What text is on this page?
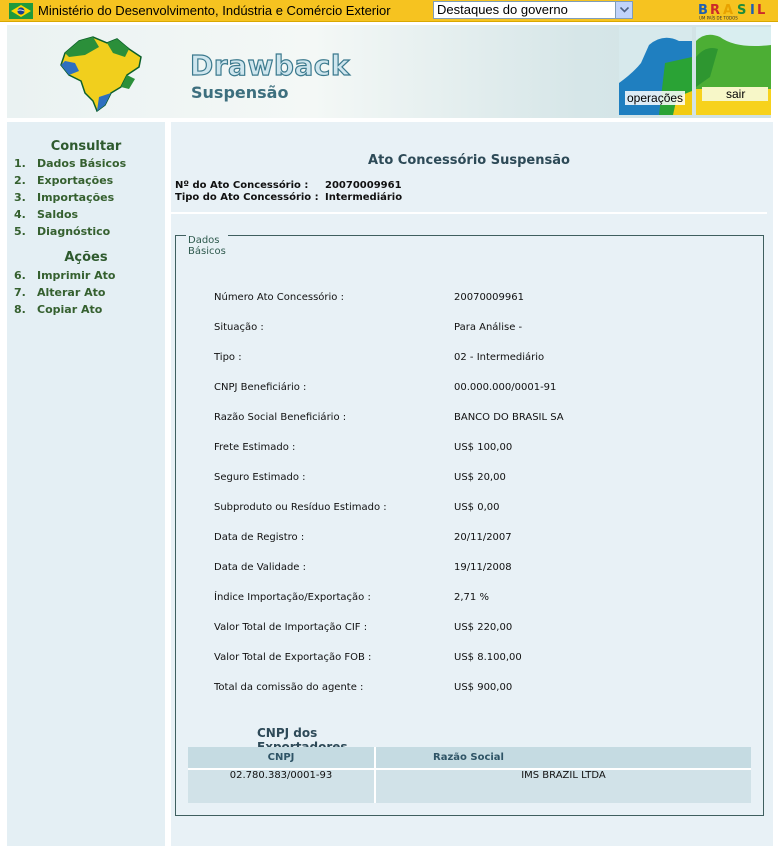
Ministério do Desenvolvimento, Indústria e Comércio Exterior	Destaques do governo	B R A S I L
UM PAÍS DE TODOS
Drawback
Suspensão	operações	sair
Consultar
1. Dados Básicos
2. Exportações
3. Importações
4. Saldos
5. Diagnóstico
Ações
6. Imprimir Ato
7. Alterar Ato
8. Copiar Ato
Ato Concessório Suspensão
Nº do Ato Concessório : 20070009961
Tipo do Ato Concessório : Intermediário
Dados Básicos
Número Ato Concessório :	20070009961
Situação :	Para Análise -
Tipo :	02 - Intermediário
CNPJ Beneficiário :	00.000.000/0001-91
Razão Social Beneficiário :	BANCO DO BRASIL SA
Frete Estimado :	US$ 100,00
Seguro Estimado :	US$ 20,00
Subproduto ou Resíduo Estimado :	US$ 0,00
Data de Registro :	20/11/2007
Data de Validade :	19/11/2008
Índice Importação/Exportação :	2,71 %
Valor Total de Importação CIF :	US$ 220,00
Valor Total de Exportação FOB :	US$ 8.100,00
Total da comissão do agente :	US$ 900,00
CNPJ dos
CNPJ	Razão Social
02.780.383/0001-93	IMS BRAZIL LTDA
